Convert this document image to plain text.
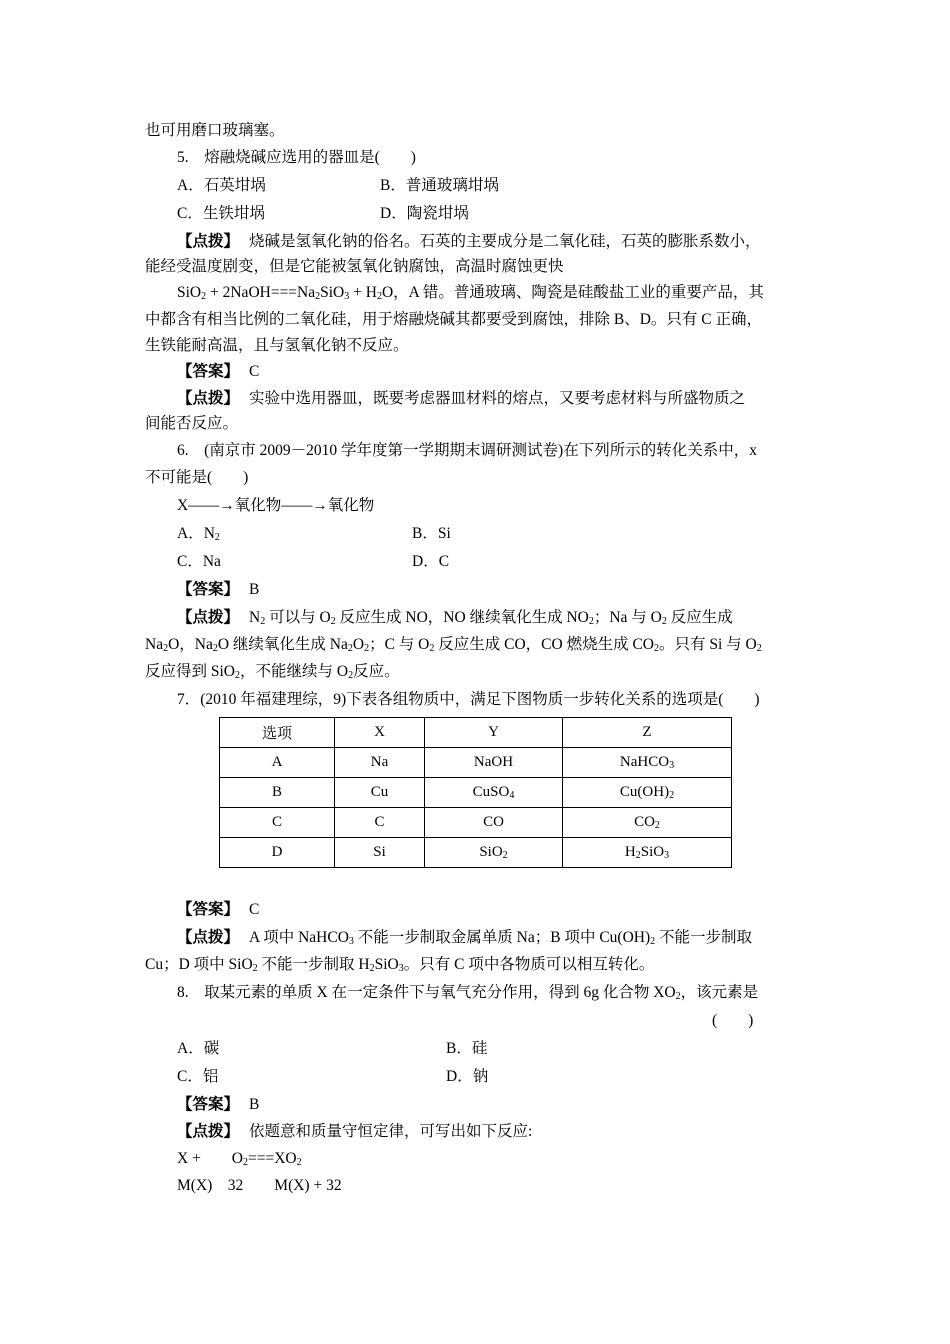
也可用磨口玻璃塞。
5.　熔融烧碱应选用的器皿是(　　)
A．石英坩埚	B．普通玻璃坩埚
C．生铁坩埚	D．陶瓷坩埚
【点拨】 烧碱是氢氧化钠的俗名。石英的主要成分是二氧化硅，石英的膨胀系数小，
能经受温度剧变，但是它能被氢氧化钠腐蚀，高温时腐蚀更快
$SiO_2 + 2NaOH===Na_2SiO_3 + H_2O$，A 错。普通玻璃、陶瓷是硅酸盐工业的重要产品，其
中都含有相当比例的二氧化硅，用于熔融烧碱其都要受到腐蚀，排除 B、D。只有 C 正确，
生铁能耐高温，且与氢氧化钠不反应。
【答案】 C
【点拨】 实验中选用器皿，既要考虑器皿材料的熔点，又要考虑材料与所盛物质之
间能否反应。
6.　(南京市 2009－2010 学年度第一学期期末调研测试卷)在下列所示的转化关系中，x
不可能是(　　)
X——→氧化物——→氧化物
A．$N_2$	B．Si
C．Na	D．C
【答案】 B
【点拨】 $N_2$ 可以与 $O_2$ 反应生成 NO，NO 继续氧化生成 $NO_2$；Na 与 $O_2$ 反应生成
$Na_2O$，$Na_2O$ 继续氧化生成 $Na_2O_2$；C 与 $O_2$ 反应生成 CO，CO 燃烧生成 $CO_2$。只有 Si 与 $O_2$
反应得到 SiO$_2$，不能继续与 $O_2$反应。
7．(2010 年福建理综，9)下表各组物质中，满足下图物质一步转化关系的选项是(　　)
选项	X	Y	Z
A	Na	NaOH	NaHCO$_3$
B	Cu	CuSO$_4$	$Cu(OH)_2$
C	C	CO	$CO_2$
D	Si	SiO$_2$	$H_2SiO_3$
【答案】 C
【点拨】 A 项中 NaHCO$_3$ 不能一步制取金属单质 Na；B 项中 $Cu(OH)_2$ 不能一步制取
Cu；D 项中 SiO$_2$ 不能一步制取 $H_2SiO_3$。只有 C 项中各物质可以相互转化。
8.　取某元素的单质 X 在一定条件下与氧气充分作用，得到 6g 化合物 $XO_2$，该元素是
(　　)
A．碳	B．硅
C．铝	D．钠
【答案】 B
【点拨】 依题意和质量守恒定律，可写出如下反应:
X +　　$O_2===XO_2$
M(X)　32　　M(X) + 32
